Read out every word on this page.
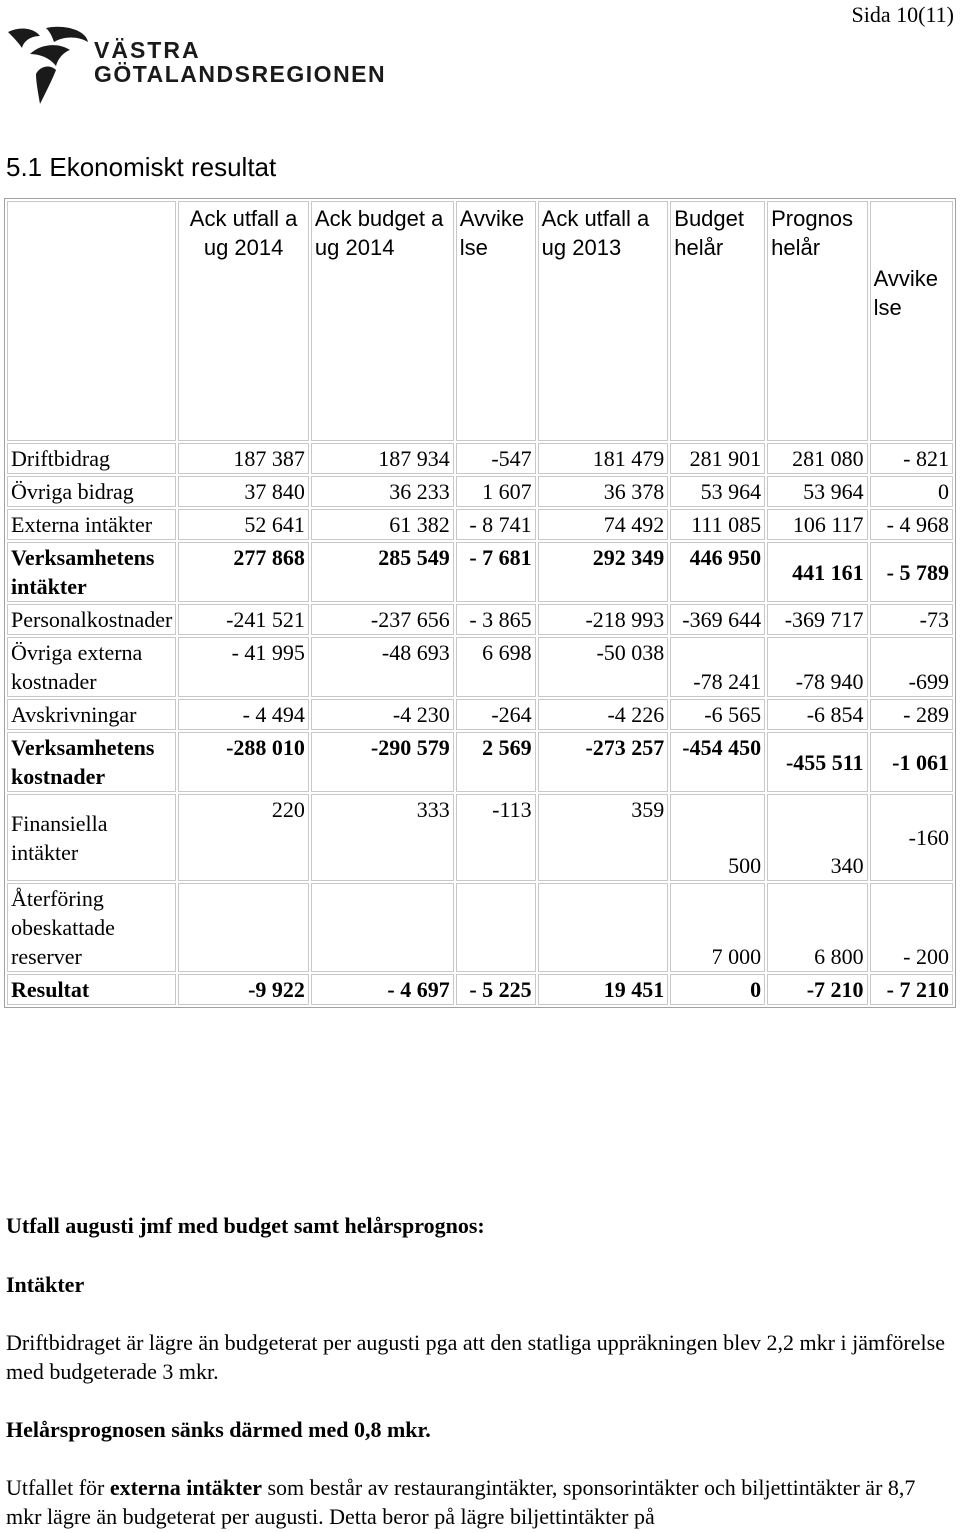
Sida 10(11)
VÄSTRA
GÖTALANDSREGIONEN
5.1 Ekonomiskt resultat
	Ack utfall a ug 2014	Ack budget a ug 2014	Avvike lse	Ack utfall a ug 2013	Budget helår	Prognos helår	Avvike lse
Driftbidrag	187 387	187 934	-547	181 479	281 901	281 080	- 821
Övriga bidrag	37 840	36 233	1 607	36 378	53 964	53 964	0
Externa intäkter	52 641	61 382	- 8 741	74 492	111 085	106 117	- 4 968
Verksamhetens intäkter	277 868	285 549	- 7 681	292 349	446 950	441 161	- 5 789
Personalkostnader	-241 521	-237 656	- 3 865	-218 993	-369 644	-369 717	-73
Övriga externa kostnader	- 41 995	-48 693	6 698	-50 038	-78 241	-78 940	-699
Avskrivningar	- 4 494	-4 230	-264	-4 226	-6 565	-6 854	- 289
Verksamhetens kostnader	-288 010	-290 579	2 569	-273 257	-454 450	-455 511	-1 061
Finansiella intäkter	220	333	-113	359	500	340	-160
Återföring obeskattade reserver					7 000	6 800	- 200
Resultat	-9 922	- 4 697	- 5 225	19 451	0	-7 210	- 7 210

Utfall augusti jmf med budget samt helårsprognos:

Intäkter

Driftbidraget är lägre än budgeterat per augusti pga att den statliga uppräkningen blev 2,2 mkr i jämförelse med budgeterade 3 mkr.

Helårsprognosen sänks därmed med 0,8 mkr.

Utfallet för externa intäkter som består av restaurangintäkter, sponsorintäkter och biljettintäkter är 8,7 mkr lägre än budgeterat per augusti. Detta beror på lägre biljettintäkter på
